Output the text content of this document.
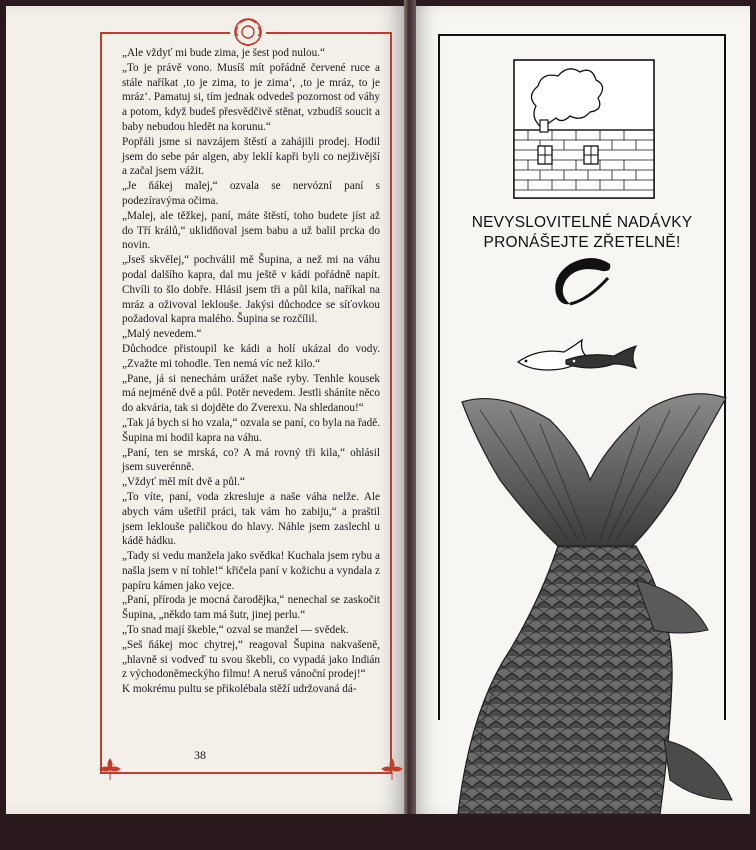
„Ale vždyť mi bude zima, je šest pod nulou.“

„To je právě vono. Musíš mít pořádně červené ruce a stále naříkat ‚to je zima, to je zima‘, ‚to je mráz, to je mráz‘. Pamatuj si, tím jednak odvedeš pozornost od váhy a potom, když budeš přesvědčivě stěnat, vzbudíš soucit a baby nebudou hledět na korunu.“

Popřáli jsme si navzájem štěstí a zahájili prodej. Hodil jsem do sebe pár algen, aby leklí kapři byli co nejživější a začal jsem vážit.

„Je ňákej malej,“ ozvala se nervózní paní s podezíravýma očima.

„Malej, ale těžkej, paní, máte štěstí, toho budete jíst až do Tří králů,“ uklidňoval jsem babu a už balil prcka do novin.

„Jseš skvělej,“ pochválil mě Šupina, a než mi na váhu podal dalšího kapra, dal mu ještě v kádi pořádně napít. Chvíli to šlo dobře. Hlásil jsem tři a půl kila, naříkal na mráz a oživoval leklouše. Jakýsi důchodce se síťovkou požadoval kapra malého. Šupina se rozčílil.

„Malý nevedem.“

Důchodce přistoupil ke kádi a holí ukázal do vody. „Zvažte mi tohodle. Ten nemá víc než kilo.“

„Pane, já si nenechám urážet naše ryby. Tenhle kousek má nejméně dvě a půl. Potěr nevedem. Jestli sháníte něco do akvária, tak si dojděte do Zverexu. Na shledanou!“

„Tak já bych si ho vzala,“ ozvala se paní, co byla na řadě. Šupina mi hodil kapra na váhu.

„Paní, ten se mrská, co? A má rovný tři kila,“ ohlásil jsem suverénně.

„Vždyť měl mít dvě a půl.“

„To víte, paní, voda zkresluje a naše váha nelže. Ale abych vám ušetřil práci, tak vám ho zabiju,“ a praštil jsem leklouše paličkou do hlavy. Náhle jsem zaslechl u kádě hádku.

„Tady si vedu manžela jako svědka! Kuchala jsem rybu a našla jsem v ní tohle!“ křičela paní v kožichu a vyndala z papíru kámen jako vejce.

„Paní, příroda je mocná čarodějka,“ nenechal se zaskočit Šupina, „někdo tam má šutr, jinej perlu.“

„To snad mají škeble,“ ozval se manžel — svědek.

„Seš ňákej moc chytrej,“ reagoval Šupina nakvašeně, „hlavně si vodveď tu svou škebli, co vypadá jako Indián z východoněmeckýho filmu! A neruš vánoční prodej!“

K mokrému pultu se přikolébala stěží udržovaná dá-

38
NEVYSLOVITELNÉ NADÁVKY
PRONÁŠEJTE ZŘETELNĚ!
